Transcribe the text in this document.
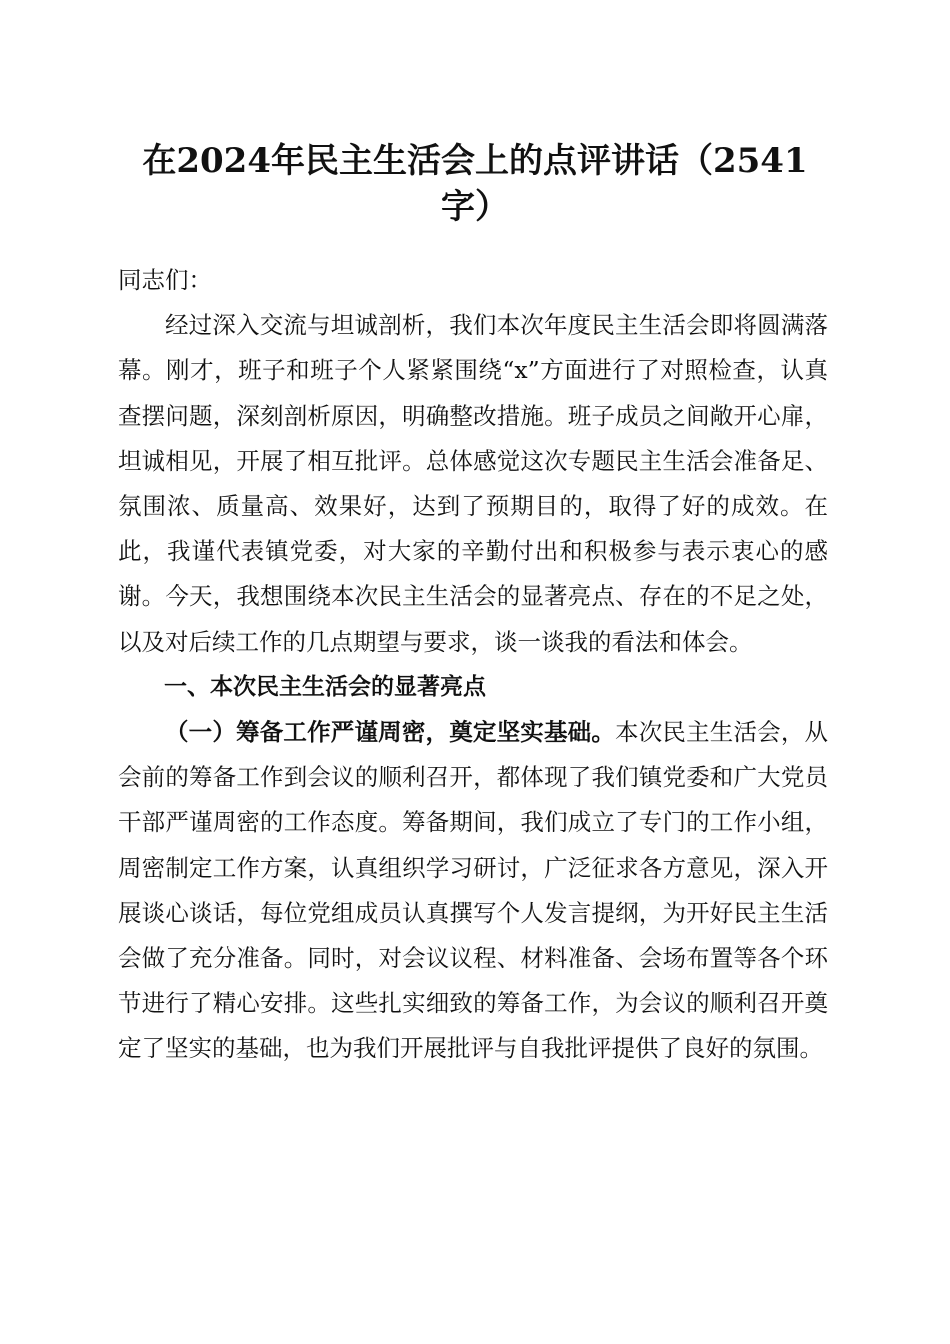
在2024年民主生活会上的点评讲话（2541字）

同志们：

经过深入交流与坦诚剖析，我们本次年度民主生活会即将圆满落幕。刚才，班子和班子个人紧紧围绕“x”方面进行了对照检查，认真查摆问题，深刻剖析原因，明确整改措施。班子成员之间敞开心扉，坦诚相见，开展了相互批评。总体感觉这次专题民主生活会准备足、氛围浓、质量高、效果好，达到了预期目的，取得了好的成效。在此，我谨代表镇党委，对大家的辛勤付出和积极参与表示衷心的感谢。今天，我想围绕本次民主生活会的显著亮点、存在的不足之处，以及对后续工作的几点期望与要求，谈一谈我的看法和体会。

一、本次民主生活会的显著亮点

（一）筹备工作严谨周密，奠定坚实基础。本次民主生活会，从会前的筹备工作到会议的顺利召开，都体现了我们镇党委和广大党员干部严谨周密的工作态度。筹备期间，我们成立了专门的工作小组，周密制定工作方案，认真组织学习研讨，广泛征求各方意见，深入开展谈心谈话，每位党组成员认真撰写个人发言提纲，为开好民主生活会做了充分准备。同时，对会议议程、材料准备、会场布置等各个环节进行了精心安排。这些扎实细致的筹备工作，为会议的顺利召开奠定了坚实的基础，也为我们开展批评与自我批评提供了良好的氛围。
